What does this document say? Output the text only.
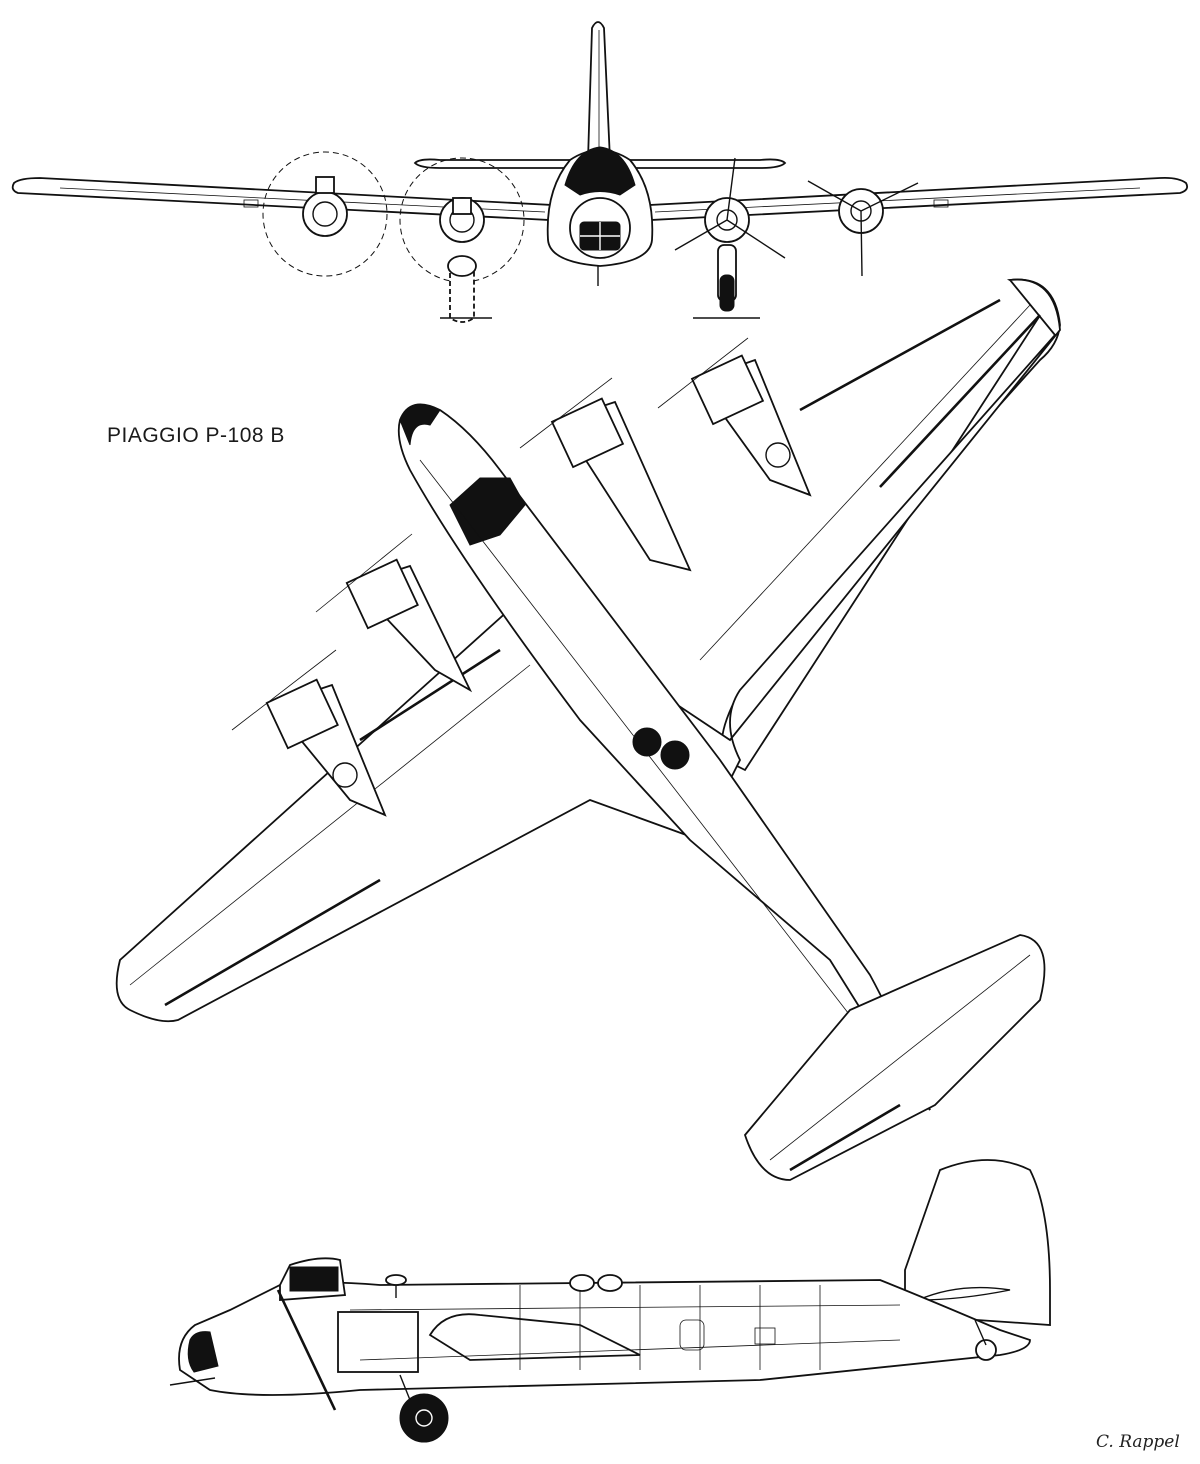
PIAGGIO P-108 B
C. Rappel
